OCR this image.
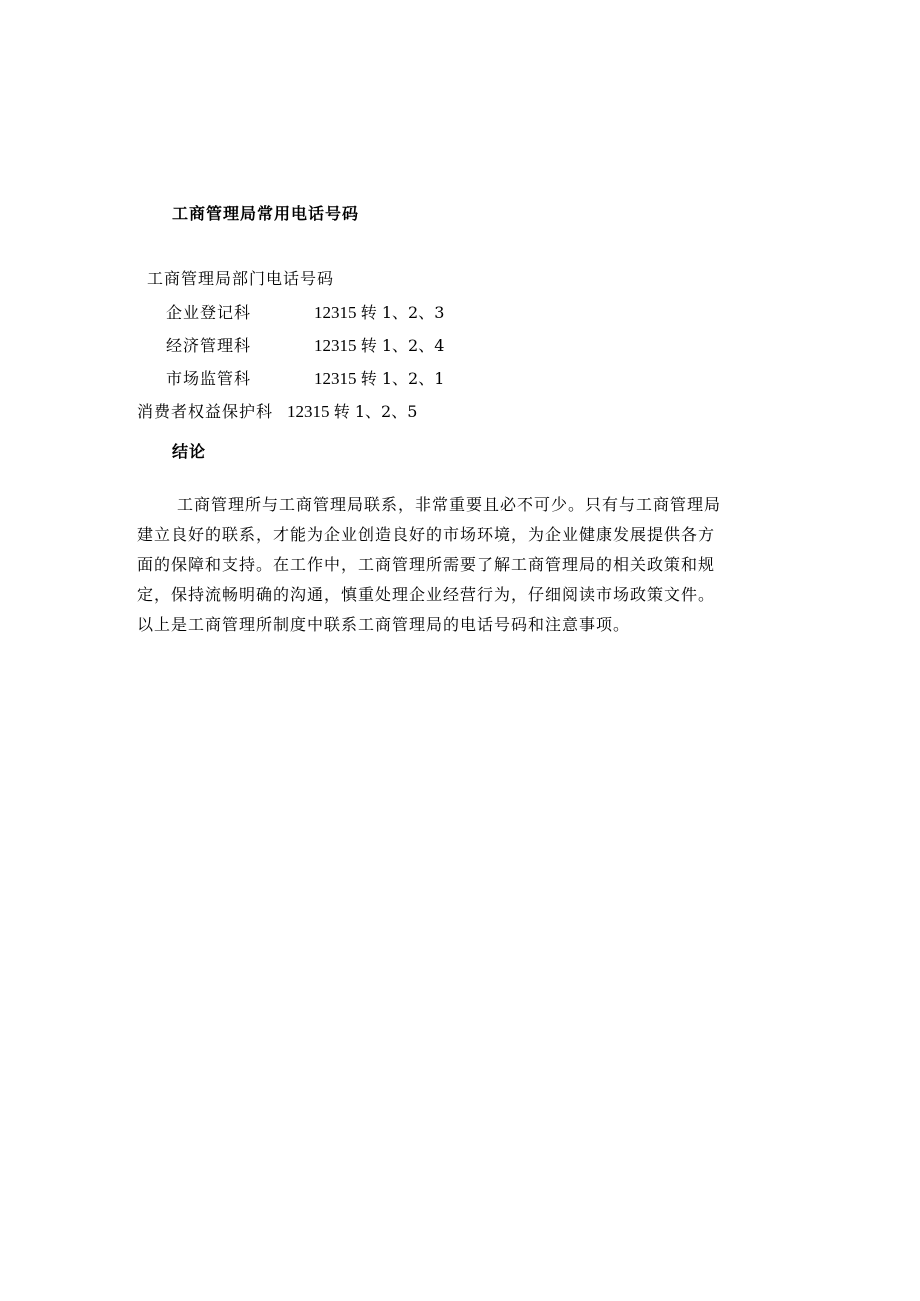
工商管理局常用电话号码
工商管理局部门电话号码
企业登记科	12315 转 1、2、3
经济管理科	12315 转 1、2、4
市场监管科	12315 转 1、2、1
消费者权益保护科 12315 转 1、2、5
结论

工商管理所与工商管理局联系，非常重要且必不可少。只有与工商管理局
建立良好的联系，才能为企业创造良好的市场环境，为企业健康发展提供各方
面的保障和支持。在工作中，工商管理所需要了解工商管理局的相关政策和规
定，保持流畅明确的沟通，慎重处理企业经营行为，仔细阅读市场政策文件。
以上是工商管理所制度中联系工商管理局的电话号码和注意事项。
